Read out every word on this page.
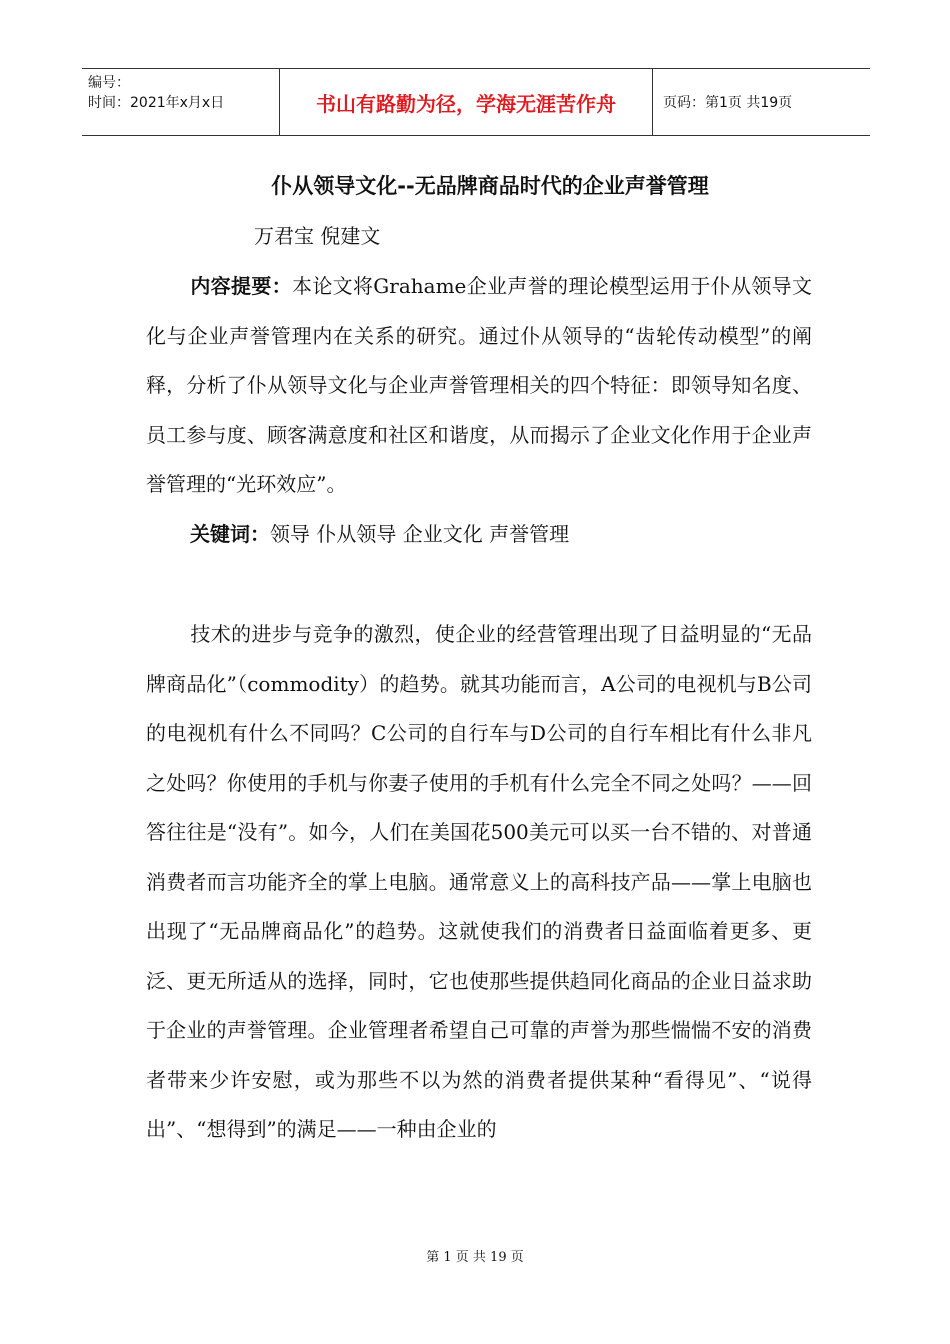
编号：
时间：2021年x月x日	书山有路勤为径，学海无涯苦作舟	页码：第1页 共19页
仆从领导文化--无品牌商品时代的企业声誉管理
万君宝 倪建文
内容提要：本论文将Grahame企业声誉的理论模型运用于仆从领导文化与企业声誉管理内在关系的研究。通过仆从领导的“齿轮传动模型”的阐释，分析了仆从领导文化与企业声誉管理相关的四个特征：即领导知名度、员工参与度、顾客满意度和社区和谐度，从而揭示了企业文化作用于企业声誉管理的“光环效应”。
关键词：领导 仆从领导 企业文化 声誉管理
技术的进步与竞争的激烈，使企业的经营管理出现了日益明显的“无品牌商品化”（commodity）的趋势。就其功能而言，A公司的电视机与B公司的电视机有什么不同吗？C公司的自行车与D公司的自行车相比有什么非凡之处吗？你使用的手机与你妻子使用的手机有什么完全不同之处吗？——回答往往是“没有”。如今，人们在美国花500美元可以买一台不错的、对普通消费者而言功能齐全的掌上电脑。通常意义上的高科技产品——掌上电脑也出现了“无品牌商品化”的趋势。这就使我们的消费者日益面临着更多、更泛、更无所适从的选择，同时，它也使那些提供趋同化商品的企业日益求助于企业的声誉管理。企业管理者希望自己可靠的声誉为那些惴惴不安的消费者带来少许安慰，或为那些不以为然的消费者提供某种“看得见”、“说得出”、“想得到”的满足——一种由企业的
第 1 页 共 19 页
